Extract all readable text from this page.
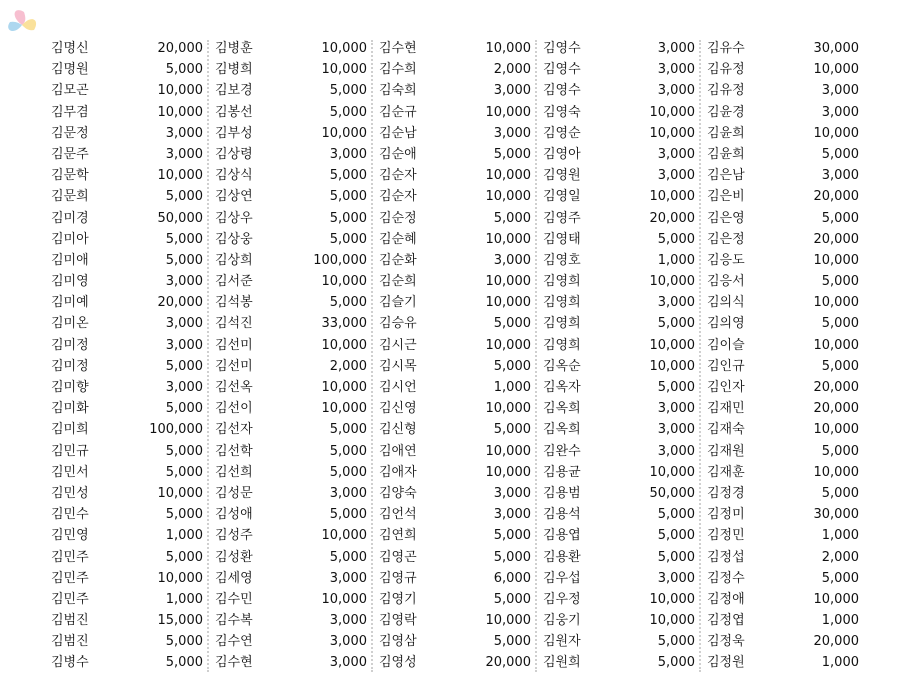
김명신	20,000
김명원	5,000
김모곤	10,000
김무겸	10,000
김문정	3,000
김문주	3,000
김문학	10,000
김문희	5,000
김미경	50,000
김미아	5,000
김미애	5,000
김미영	3,000
김미예	20,000
김미온	3,000
김미정	3,000
김미정	5,000
김미향	3,000
김미화	5,000
김미희	100,000
김민규	5,000
김민서	5,000
김민성	10,000
김민수	5,000
김민영	1,000
김민주	5,000
김민주	10,000
김민주	1,000
김범진	15,000
김범진	5,000
김병수	5,000
김병훈	10,000
김병희	10,000
김보경	5,000
김봉선	5,000
김부성	10,000
김상령	3,000
김상식	5,000
김상연	5,000
김상우	5,000
김상웅	5,000
김상희	100,000
김서준	10,000
김석봉	5,000
김석진	33,000
김선미	10,000
김선미	2,000
김선옥	10,000
김선이	10,000
김선자	5,000
김선학	5,000
김선희	5,000
김성문	3,000
김성애	5,000
김성주	10,000
김성환	5,000
김세영	3,000
김수민	10,000
김수복	3,000
김수연	3,000
김수현	3,000
김수현	10,000
김수희	2,000
김숙희	3,000
김순규	10,000
김순남	3,000
김순애	5,000
김순자	10,000
김순자	10,000
김순정	5,000
김순혜	10,000
김순화	3,000
김순희	10,000
김슬기	10,000
김승유	5,000
김시근	10,000
김시목	5,000
김시언	1,000
김신영	10,000
김신형	5,000
김애연	10,000
김애자	10,000
김양숙	3,000
김언석	3,000
김연희	5,000
김영곤	5,000
김영규	6,000
김영기	5,000
김영락	10,000
김영삼	5,000
김영성	20,000
김영수	3,000
김영수	3,000
김영수	3,000
김영숙	10,000
김영순	10,000
김영아	3,000
김영원	3,000
김영일	10,000
김영주	20,000
김영태	5,000
김영호	1,000
김영희	10,000
김영희	3,000
김영희	5,000
김영희	10,000
김옥순	10,000
김옥자	5,000
김옥희	3,000
김옥희	3,000
김완수	3,000
김용균	10,000
김용범	50,000
김용석	5,000
김용엽	5,000
김용환	5,000
김우섭	3,000
김우정	10,000
김웅기	10,000
김원자	5,000
김원희	5,000
김유수	30,000
김유정	10,000
김유정	3,000
김윤경	3,000
김윤희	10,000
김윤희	5,000
김은남	3,000
김은비	20,000
김은영	5,000
김은정	20,000
김응도	10,000
김응서	5,000
김의식	10,000
김의영	5,000
김이슬	10,000
김인규	5,000
김인자	20,000
김재민	20,000
김재숙	10,000
김재원	5,000
김재훈	10,000
김정경	5,000
김정미	30,000
김정민	1,000
김정섭	2,000
김정수	5,000
김정애	10,000
김정엽	1,000
김정욱	20,000
김정원	1,000
